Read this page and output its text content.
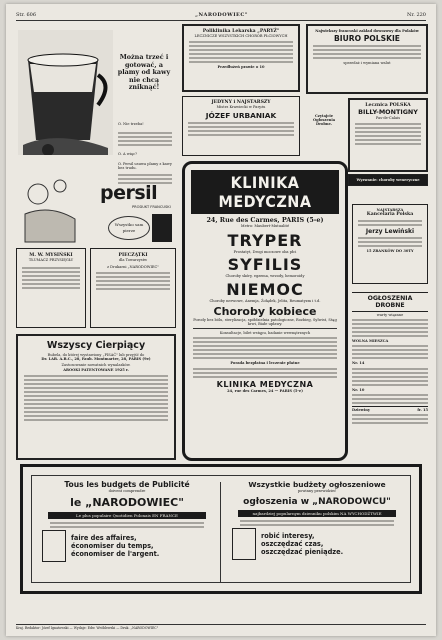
Str. 606	„NARODOWIEC"	Nr. 220
Można trzeć i gotować, a plamy od kawy nie chcą zniknąć!
O. Nie trzeba!
O. A więc?
O. Persil usuwa plamy z kawy bez trudu.
persil
PRODUKT FRANCUSKI
Wszystko sam pierze
M. W. MYSIŃSKI
TŁUMACZ PRZYSIĘGŁY
PIECZĄTKI
dla Towarzystw
z Drukarni „NARODOWIEC"
Wszyscy Cierpiący
Rubela, do której wystawiony „PISAĆ" lub przyjść do
Dr. LAB. A.B.C., 28, Faub. Montmartre, 28, PARIS (9e)
Zastosowanie nowatnich wynalazków.
AROOKI PATENTOWANE 1925 r.
Poliklinika Lekarska „PARYŻ"
LECZNICZE WSZYSTKICH CHORÓB PŁCIOWYCH
Przedłużeń prawie o 10
JEDYNY i NAJSTARSZY
Mistrz Krawiecki w Paryżu
JÓZEF URBANIAK	Czytajcie
Ogłoszenia
Drobne.
Najwiekszy francuski zakład dowozowy dla Polaków
BIURO POLSKIE
sprzedaż i wymiana walut
Lecznica POLSKA
BILLY-MONTIGNY
Pas-de-Calais
Wyzwanie: choroby weneryczne
NAJSTARSZA
Kancelaria Polska
Jerzy Lewiński
15 ZRANKÓW DO 30TY
OGŁOSZENIA DROBNE
warty wiązane
WOLNA MIESZCA
Nr. 14
Nr. 10
Dziewiny	fr. 15
KLINIKA MEDYCZNA
24, Rue des Carmes, PARIS (5-e)
Metro: Maubert-Mutualité
TRYPER
Prostatyt, Drogi moczowe oba płci
SYFILIS
Choroby skóry, egzema, wrzody, hemoroidy
NIEMOC
Choroby nerwowe, Anemja, Żołądek, Jelita, Reumatyzm i t.d.
Choroby kobiece
Porody bez bólu, sterylizacja, spółdzielnia patologiczne, Rozbieg, Sylwist, Stąg krwi, Białe upławy.
Konsultacje, bilet wstępu, badanie wewnętrznych
Porada bezpłatna i leczenie płatne
KLINIKA MEDYCZNA
24, rue des Carmes, 24 — PARIS (5-e)
Tous les budgets de Publicité
doivent comprendre
le „NARODOWIEC"
Le plus populaire Quotidien Polonais EN FRANCE
faire des affaires,
économiser du temps,
économiser de l'argent.
Wszystkie budżety ogłoszeniowe
powinny przewidzieć
ogłoszenia w „NARODOWCU"
najbardziej popularnym dzienniku polskim NA WYCHODŹTWIE
robić interesy,
oszczędzać czas,
oszczędzać pieniądze.
Kraj. Redaktor: Józef Ignatowski — Wydaje: Edw. Wróblewski — Druk. „NARODOWIEC"
